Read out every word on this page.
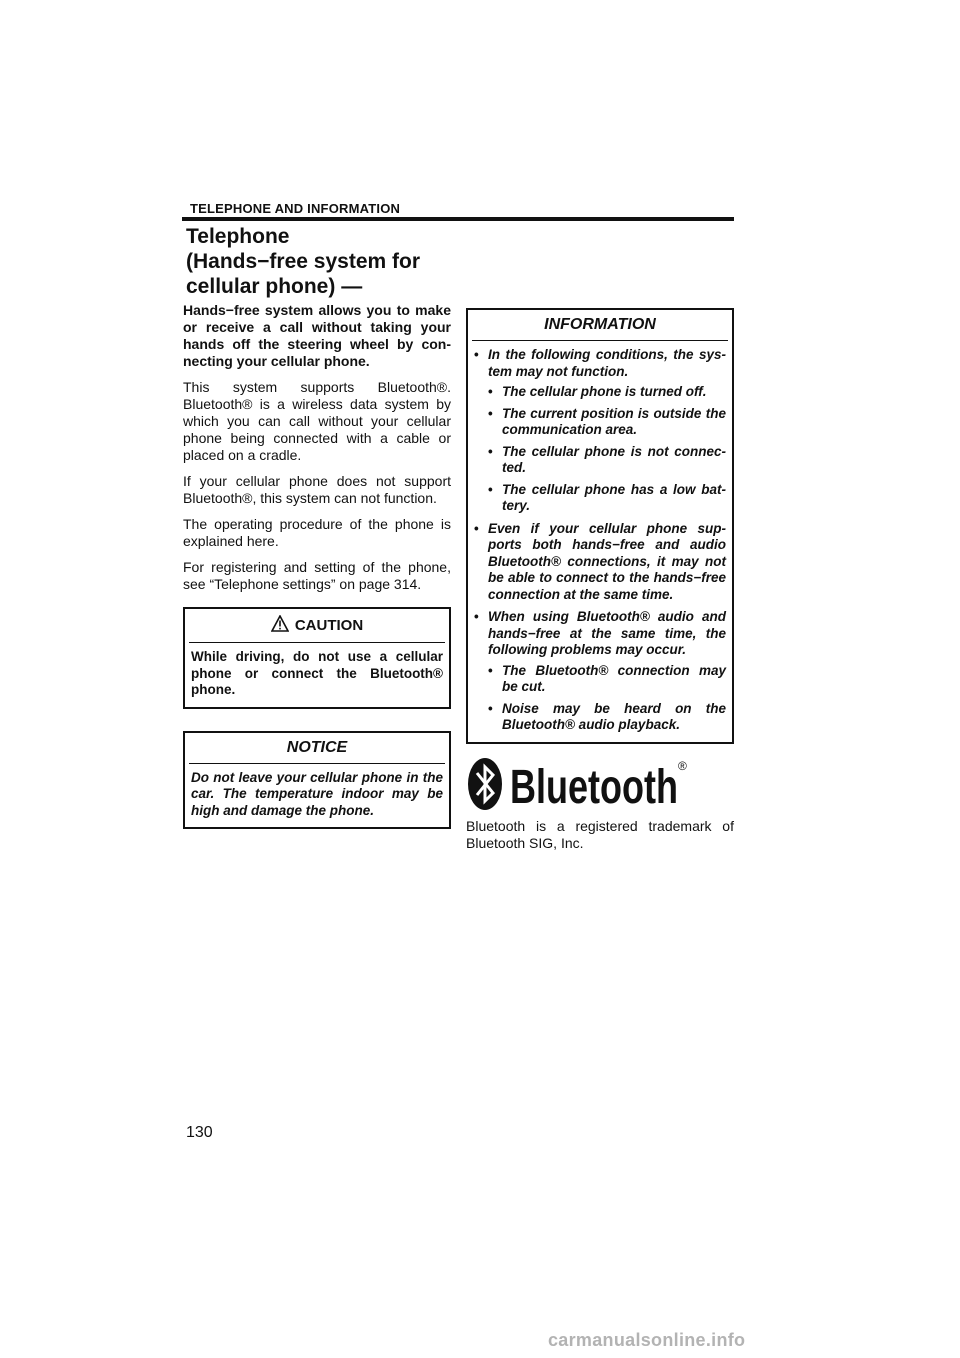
TELEPHONE AND INFORMATION
Telephone
(Hands−free system for
cellular phone) —

Hands−free system allows you to make or receive a call without taking your hands off the steering wheel by con- necting your cellular phone.

This system supports Bluetooth®. Bluetooth® is a wireless data system by which you can call without your cellular phone being connected with a cable or placed on a cradle.

If your cellular phone does not support Bluetooth®, this system can not function.

The operating procedure of the phone is explained here.

For registering and setting of the phone, see “Telephone settings” on page 314.

CAUTION
While driving, do not use a cellular phone or connect the Bluetooth® phone.
NOTICE
Do not leave your cellular phone in the car. The temperature indoor may be high and damage the phone.
INFORMATION
• In the following conditions, the sys- tem may not function.
• The cellular phone is turned off.
• The current position is outside the communication area.
• The cellular phone is not connec- ted.
• The cellular phone has a low bat- tery.
• Even if your cellular phone sup- ports both hands−free and audio Bluetooth® connections, it may not be able to connect to the hands−free connection at the same time.
• When using Bluetooth® audio and hands−free at the same time, the following problems may occur.
• The Bluetooth® connection may be cut.
• Noise may be heard on the Bluetooth® audio playback.
Bluetooth ®
Bluetooth is a registered trademark of Bluetooth SIG, Inc.
130
carmanualsonline.info
